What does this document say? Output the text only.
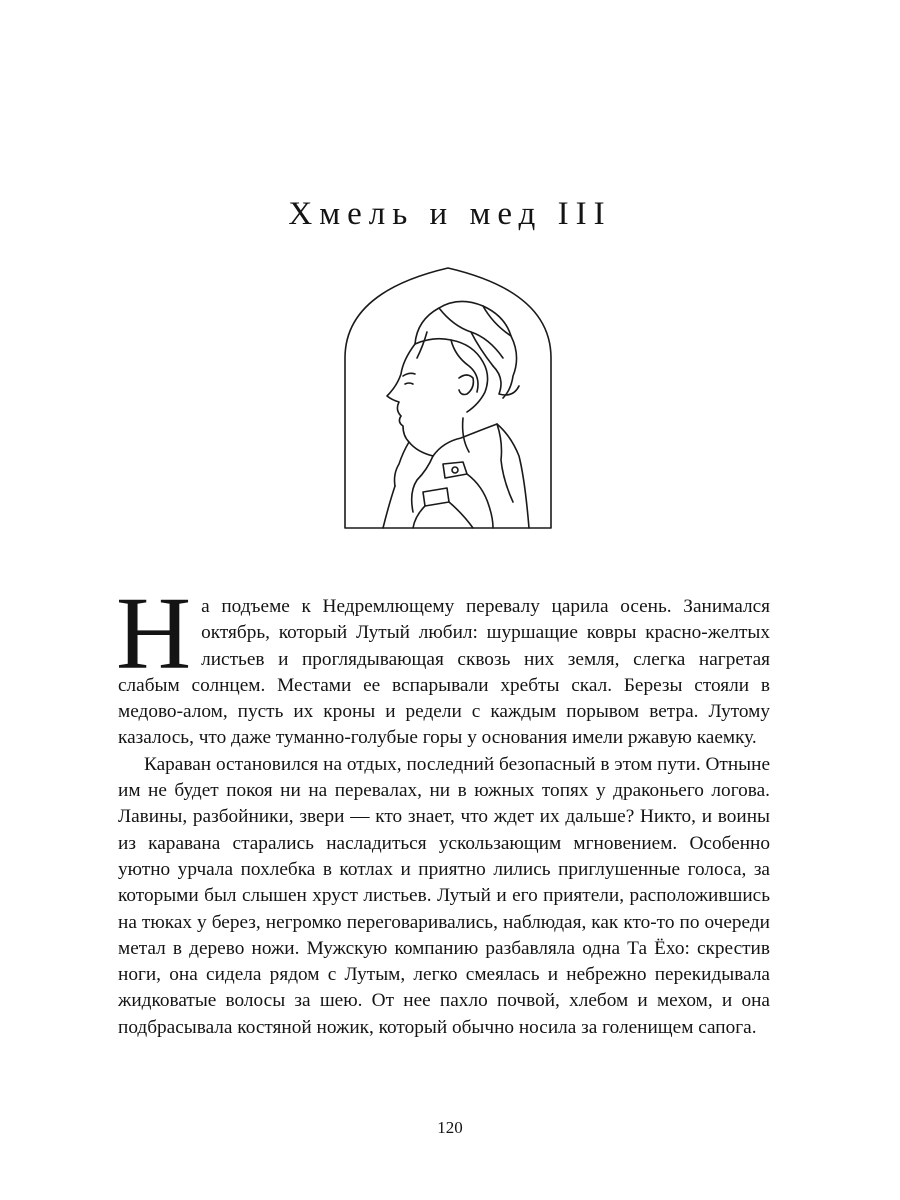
Хмель и мед III

На подъеме к Недремлющему перевалу царила осень. Занимался октябрь, который Лутый любил: шуршащие ковры красно-желтых листьев и проглядывающая сквозь них земля, слегка нагретая слабым солнцем. Местами ее вспарывали хребты скал. Березы стояли в медово-алом, пусть их кроны и редели с каждым порывом ветра. Лутому казалось, что даже туманно-голубые горы у основания имели ржавую каемку.

Караван остановился на отдых, последний безопасный в этом пути. Отныне им не будет покоя ни на перевалах, ни в южных топях у драконьего логова. Лавины, разбойники, звери — кто знает, что ждет их дальше? Никто, и воины из каравана старались насладиться ускользающим мгновением. Особенно уютно урчала похлебка в котлах и приятно лились приглушенные голоса, за которыми был слышен хруст листьев. Лутый и его приятели, расположившись на тюках у берез, негромко переговаривались, наблюдая, как кто-то по очереди метал в дерево ножи. Мужскую компанию разбавляла одна Та Ёхо: скрестив ноги, она сидела рядом с Лутым, легко смеялась и небрежно перекидывала жидковатые волосы за шею. От нее пахло почвой, хлебом и мехом, и она подбрасывала костяной ножик, который обычно носила за голенищем сапога.

120
